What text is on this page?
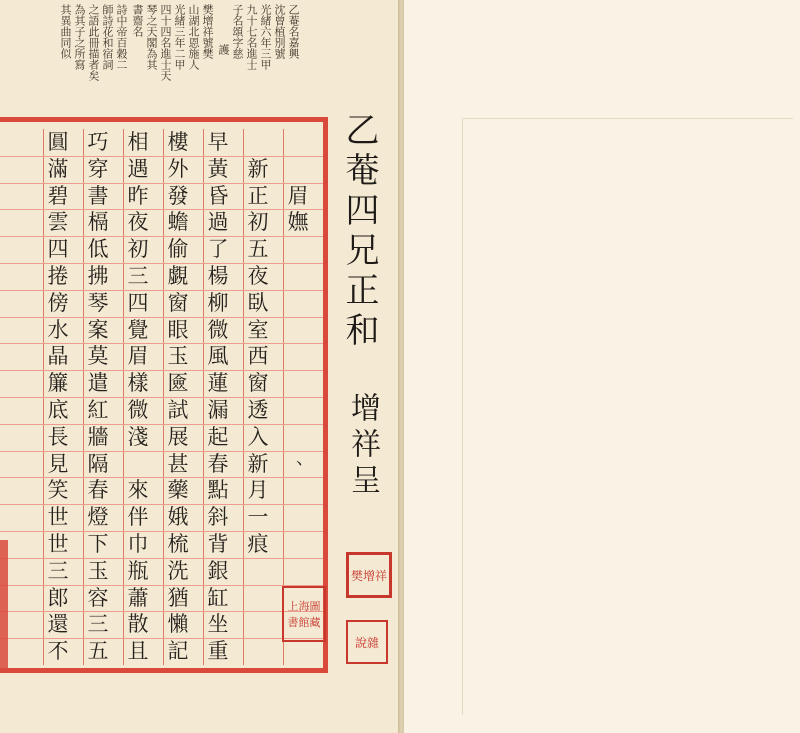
乙菴名嘉興
沈曾植別號
光緒六年三甲
九十七名進士
子名頌字慈
護
樊增祥號樊
山湖北恩施人
光緒三年二甲
四十四名進士天
琴之天閣為其
書齋名
詩中帝百穀二
師詩花和宿詞
之語此冊描者矣
為其子之所寫
其異曲同似
眉
嫵
新
正
初
五
夜
臥
室
西
窗
透
入
新
月
一
痕
早
黃
昏
過
了
楊
柳
微
風
蓮
漏
起
春
點
斜
背
銀
缸
坐
重
樓
外
發
蟾
偷
覷
窗
眼
玉
匳
試
展
甚
藥
娥
梳
洗
猶
懶
記
相
遇
昨
夜
初
三
四
覺
眉
樣
微
淺
來
伴
巾
瓶
蕭
散
且
巧
穿
書
槅
低
拂
琴
案
莫
遣
紅
牆
隔
春
燈
下
玉
容
三
五
圓
滿
碧
雲
四
捲
傍
水
晶
簾
底
長
見
笑
世
世
三
郎
還
不
、
上海圖書館藏
乙菴四兄正和
增祥呈
樊增祥
說雜
